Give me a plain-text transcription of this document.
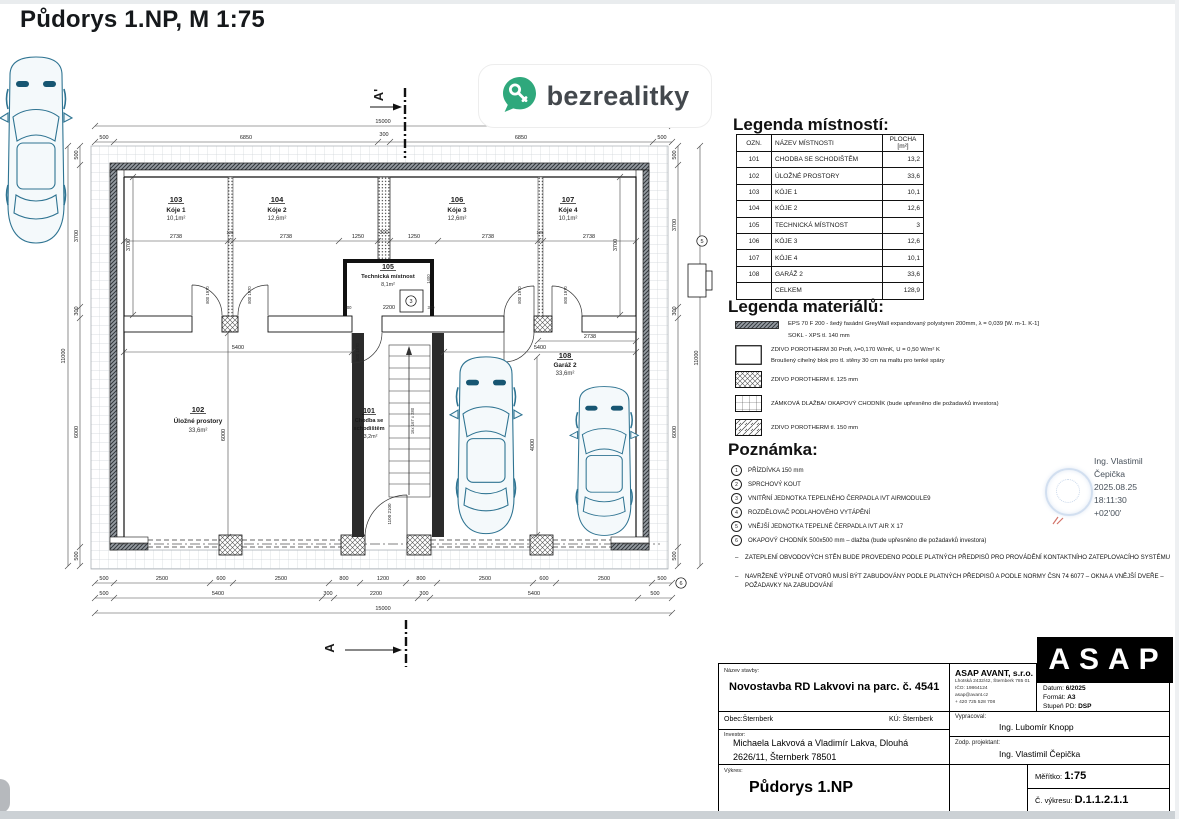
Půdorys 1.NP, M 1:75
bezrealitky
16x 167 x 280
3
103
Kóje 1
10,1m²
104
Kóje 2
12,6m²
106
Kóje 3
12,6m²
107
Kóje 4
10,1m²
105
Technická místnost
8,1m²
102
Úložné prostory
33,6m²
101
Chodba se
schodištěm
13,2m²
108
Garáž 2
33,6m²
15000
500	6850	300	6850	500
2738	2738	1250
300
1250	2738	2738
125	125
300	2200	300
5400	5400
2738
500	2500	600	2500	800	1200	800	2500	600	2500	500
500	5400	300	2200	300	5400	500
15000
500
3700
300
6000
500
11000
500
3700
300
6000
500
11000
3700	3700
6000
4000
1400
800 1970	800 1970	800 1970	800 1970
800 1970
1100 2100
A'
A
5
6
Legenda místností:
OZN.	NÁZEV MÍSTNOSTI	PLOCHA
[m²]

101	CHODBA SE SCHODIŠTĚM	13,2
102	ÚLOŽNÉ PROSTORY	33,6
103	KÓJE 1	10,1
104	KÓJE 2	12,6
105	TECHNICKÁ MÍSTNOST	3
106	KÓJE 3	12,6
107	KÓJE 4	10,1
108	GARÁŽ 2	33,6
	CELKEM	128,9
Legenda materiálů:
EPS 70 F 200 - šedý fasádní GreyWall expandovaný polystyren 200mm, λ = 0,039 [W. m-1. K-1]
SOKL - XPS tl. 140 mm
ZDIVO POROTHERM 30 Profi, λ=0,170 W/mK, U = 0,50 W/m² K
Broušený cihelný blok pro tl. stěny 30 cm na maltu pro tenké spáry
ZDIVO POROTHERM tl. 125 mm
ZÁMKOVÁ DLAŽBA/ OKAPOVÝ CHODNÍK (bude upřesněno dle požadavků investora)
ZDIVO POROTHERM tl. 150 mm
Poznámka:
1	PŘÍZDÍVKA 150 mm
2	SPRCHOVÝ KOUT
3	VNITŘNÍ JEDNOTKA TEPELNÉHO ČERPADLA IVT AIRMODULE9
4	ROZDĚLOVAČ PODLAHOVÉHO VYTÁPĚNÍ
5	VNĚJŠÍ JEDNOTKA TEPELNÉ ČERPADLA IVT AIR X 17
6	OKAPOVÝ CHODNÍK 500x500 mm – dlažba (bude upřesněno dle požadavků investora)
– ZATEPLENÍ OBVODOVÝCH STĚN BUDE PROVEDENO PODLE PLATNÝCH PŘEDPISŮ PRO PROVÁDĚNÍ KONTAKTNÍHO ZATEPLOVACÍHO SYSTÉMU
– NAVRŽENÉ VÝPLNĚ OTVORŮ MUSÍ BÝT ZABUDOVÁNY PODLE PLATNÝCH PŘEDPISŮ A PODLE NORMY ČSN 74 6077 – OKNA A VNĚJŠÍ DVEŘE – POŽADAVKY NA ZABUDOVÁNÍ
Ing. Vlastimil
Čepička
2025.08.25
18:11:30
+02'00'
ASAP
Název stavby:
Novostavba RD Lakvovi na parc. č. 4541
Obec:Šternberk	KÚ: Šternberk
Investor:
Michaela Lakvová a Vladimír Lakva, Dlouhá
2626/11, Šternberk 78501
Výkres:
Půdorys 1.NP
ASAP AVANT, s.r.o.
Lhotská 2432/42, Šternberk 785 01
IČO: 19864124
asap@avant.cz
+ 420 725 528 708
Datum: 6/2025
Formát: A3
Stupeň PD: DSP
Vypracoval:
Ing. Lubomír Knopp
Zodp. projektant:
Ing. Vlastimil Čepička
Měřítko: 1:75
Č. výkresu: D.1.1.2.1.1
